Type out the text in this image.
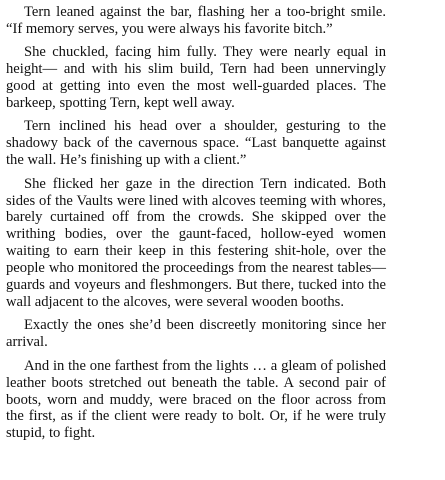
Tern leaned against the bar, flashing her a too-bright smile. “If memory serves, you were always his favorite bitch.”

She chuckled, facing him fully. They were nearly equal in height— and with his slim build, Tern had been unnervingly good at getting into even the most well-guarded places. The barkeep, spotting Tern, kept well away.

Tern inclined his head over a shoulder, gesturing to the shadowy back of the cavernous space. “Last banquette against the wall. He’s finishing up with a client.”

She flicked her gaze in the direction Tern indicated. Both sides of the Vaults were lined with alcoves teeming with whores, barely curtained off from the crowds. She skipped over the writhing bodies, over the gaunt-faced, hollow-eyed women waiting to earn their keep in this festering shit-hole, over the people who monitored the proceedings from the nearest tables—guards and voyeurs and fleshmongers. But there, tucked into the wall adjacent to the alcoves, were several wooden booths.

Exactly the ones she’d been discreetly monitoring since her arrival.

And in the one farthest from the lights … a gleam of polished leather boots stretched out beneath the table. A second pair of boots, worn and muddy, were braced on the floor across from the first, as if the client were ready to bolt. Or, if he were truly stupid, to fight.
